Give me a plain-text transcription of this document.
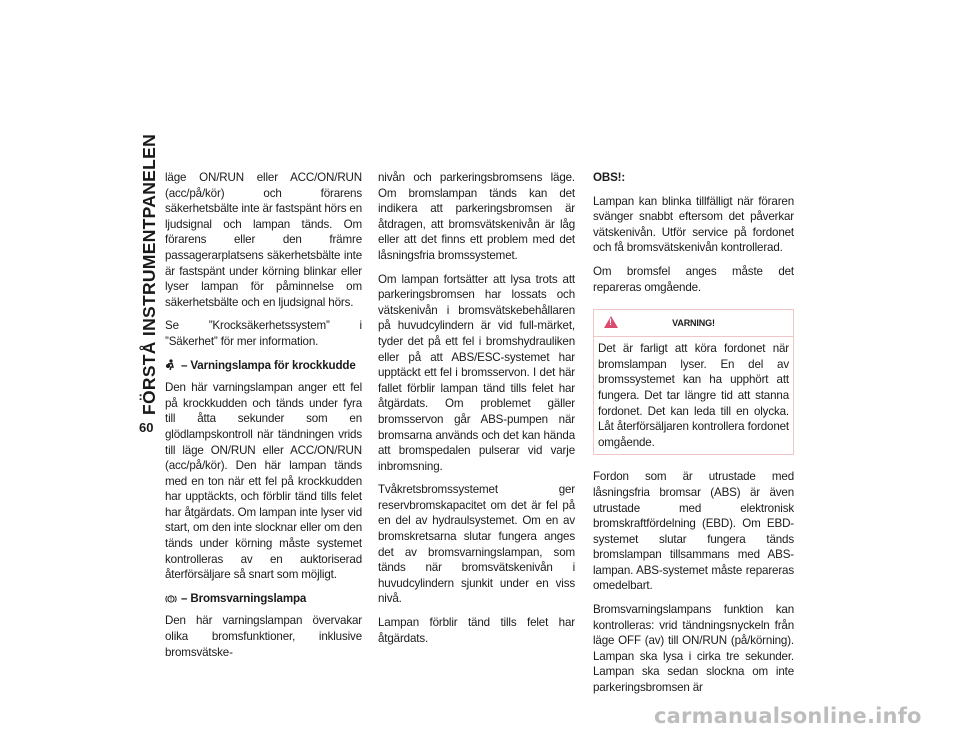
FÖRSTÅ INSTRUMENTPANELEN
60

läge ON/RUN eller ACC/ON/RUN (acc/på/kör) och förarens säkerhetsbälte inte är fastspänt hörs en ljudsignal och lampan tänds. Om förarens eller den främre passagerarplatsens säkerhetsbälte inte är fastspänt under körning blinkar eller lyser lampan för påminnelse om säkerhetsbälte och en ljudsignal hörs.

Se ”Krocksäkerhetssystem” i ”Säkerhet” för mer information.

– Varningslampa för krockkudde

Den här varningslampan anger ett fel på krockkudden och tänds under fyra till åtta sekunder som en glödlampskontroll när tändningen vrids till läge ON/RUN eller ACC/ON/RUN (acc/på/kör). Den här lampan tänds med en ton när ett fel på krockkudden har upptäckts, och förblir tänd tills felet har åtgärdats. Om lampan inte lyser vid start, om den inte slocknar eller om den tänds under körning måste systemet kontrolleras av en auktoriserad återförsäljare så snart som möjligt.

– Bromsvarningslampa

Den här varningslampan övervakar olika bromsfunktioner, inklusive bromsvätske-

nivån och parkeringsbromsens läge. Om bromslampan tänds kan det indikera att parkeringsbromsen är åtdragen, att bromsvätskenivån är låg eller att det finns ett problem med det låsningsfria bromssystemet.

Om lampan fortsätter att lysa trots att parkeringsbromsen har lossats och vätskenivån i bromsvätskebehållaren på huvudcylindern är vid full-märket, tyder det på ett fel i bromshydrauliken eller på att ABS/ESC-systemet har upptäckt ett fel i bromsservon. I det här fallet förblir lampan tänd tills felet har åtgärdats. Om problemet gäller bromsservon går ABS-pumpen när bromsarna används och det kan hända att bromspedalen pulserar vid varje inbromsning.

Tvåkretsbromssystemet ger reservbromskapacitet om det är fel på en del av hydraulsystemet. Om en av bromskretsarna slutar fungera anges det av bromsvarningslampan, som tänds när bromsvätskenivån i huvudcylindern sjunkit under en viss nivå.

Lampan förblir tänd tills felet har åtgärdats.

OBS!:

Lampan kan blinka tillfälligt när föraren svänger snabbt eftersom det påverkar vätskenivån. Utför service på fordonet och få bromsvätskenivån kontrollerad.

Om bromsfel anges måste det repareras omgående.

!
VARNING!

Det är farligt att köra fordonet när bromslampan lyser. En del av bromssystemet kan ha upphört att fungera. Det tar längre tid att stanna fordonet. Det kan leda till en olycka. Låt återförsäljaren kontrollera fordonet omgående.

Fordon som är utrustade med låsningsfria bromsar (ABS) är även utrustade med elektronisk bromskraftfördelning (EBD). Om EBD-systemet slutar fungera tänds bromslampan tillsammans med ABS-lampan. ABS-systemet måste repareras omedelbart.

Bromsvarningslampans funktion kan kontrolleras: vrid tändningsnyckeln från läge OFF (av) till ON/RUN (på/körning). Lampan ska lysa i cirka tre sekunder. Lampan ska sedan slockna om inte parkeringsbromsen är

carmanualsonline.info
